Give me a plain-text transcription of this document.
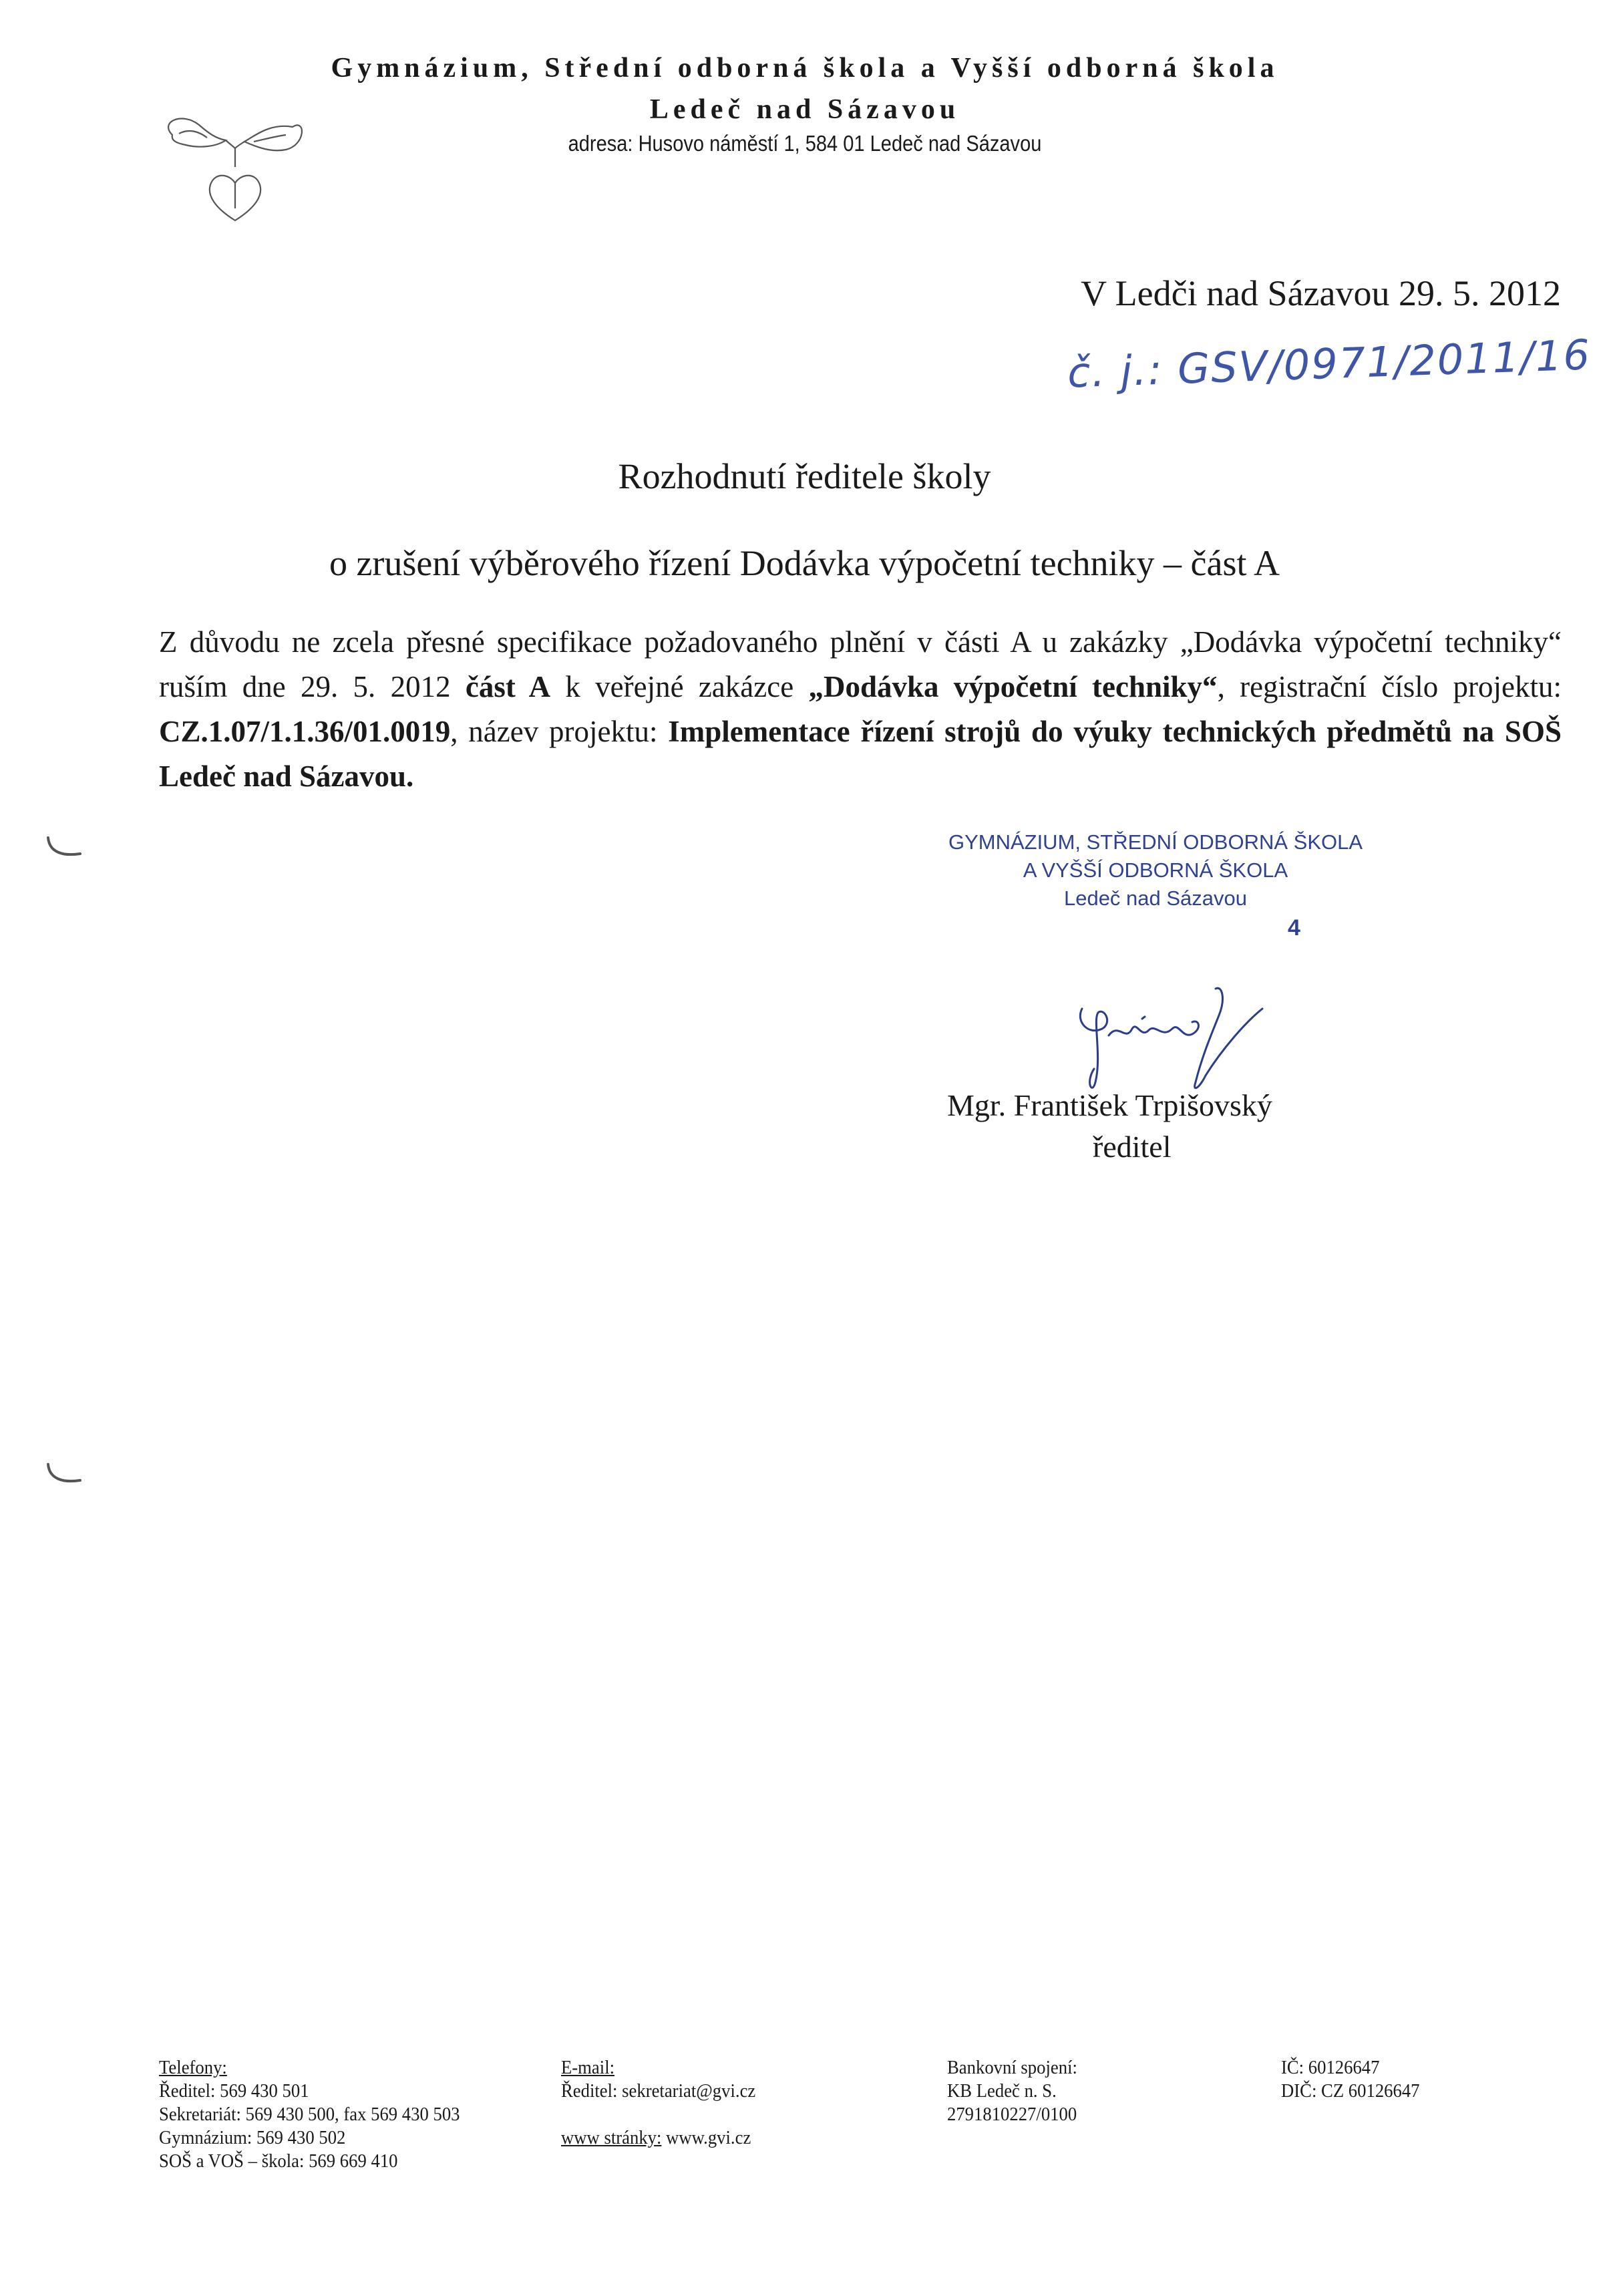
Gymnázium, Střední odborná škola a Vyšší odborná škola
Ledeč nad Sázavou
adresa: Husovo náměstí 1, 584 01 Ledeč nad Sázavou
V Ledči nad Sázavou 29. 5. 2012
č. j.: GSV/0971/2011/16
Rozhodnutí ředitele školy
o zrušení výběrového řízení Dodávka výpočetní techniky – část A
Z důvodu ne zcela přesné specifikace požadovaného plnění v části A u zakázky „Dodávka výpočetní techniky“ ruším dne 29. 5. 2012 část A k veřejné zakázce „Dodávka výpočetní techniky“, registrační číslo projektu: CZ.1.07/1.1.36/01.0019, název projektu: Implementace řízení strojů do výuky technických předmětů na SOŠ Ledeč nad Sázavou.
GYMNÁZIUM, STŘEDNÍ ODBORNÁ ŠKOLA
A VYŠŠÍ ODBORNÁ ŠKOLA
Ledeč nad Sázavou
4
Mgr. František Trpišovský
ředitel
Telefony:
Ředitel: 569 430 501
Sekretariát: 569 430 500, fax 569 430 503
Gymnázium: 569 430 502
SOŠ a VOŠ – škola: 569 669 410
E-mail:
Ředitel: sekretariat@gvi.cz
www stránky: www.gvi.cz
Bankovní spojení:
KB Ledeč n. S.
2791810227/0100
IČ: 60126647
DIČ: CZ 60126647
